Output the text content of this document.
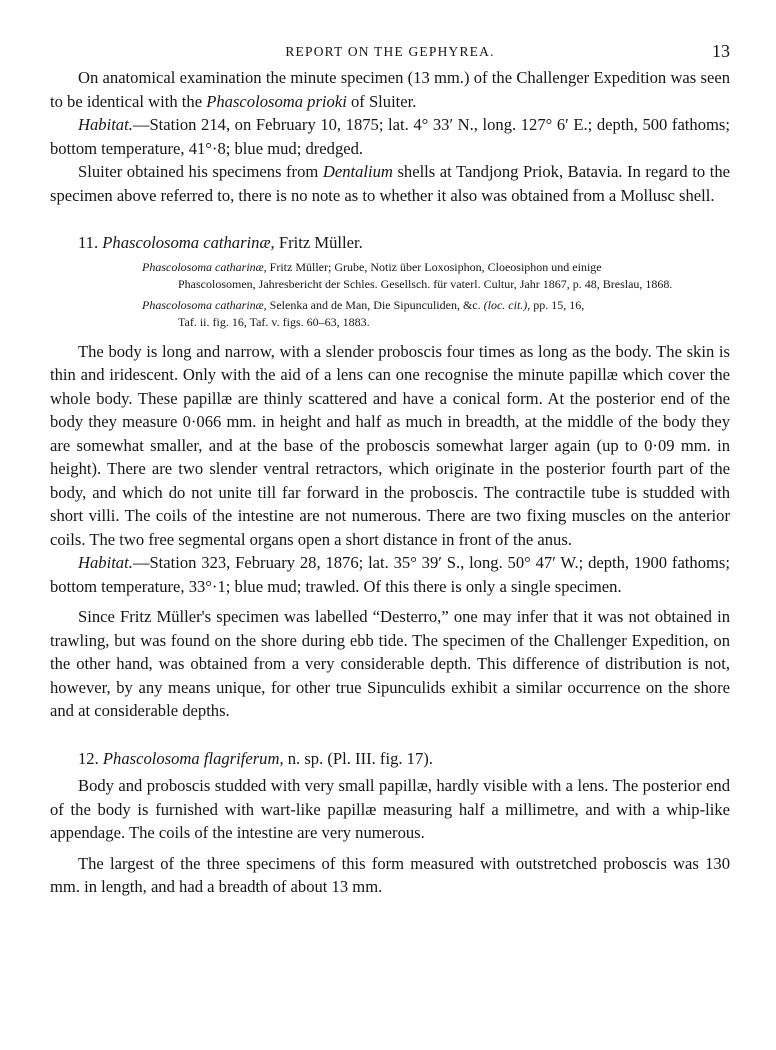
REPORT ON THE GEPHYREA.	13

On anatomical examination the minute specimen (13 mm.) of the Challenger Expedition was seen to be identical with the Phascolosoma prioki of Sluiter.

Habitat.—Station 214, on February 10, 1875; lat. 4° 33′ N., long. 127° 6′ E.; depth, 500 fathoms; bottom temperature, 41°·8; blue mud; dredged.

Sluiter obtained his specimens from Dentalium shells at Tandjong Priok, Batavia. In regard to the specimen above referred to, there is no note as to whether it also was obtained from a Mollusc shell.

11. Phascolosoma catharinæ, Fritz Müller.
Phascolosoma catharinæ, Fritz Müller; Grube, Notiz über Loxosiphon, Cloeosiphon und einige
Phascolosomen, Jahresbericht der Schles. Gesellsch. für vaterl. Cultur, Jahr 1867, p. 48, Breslau, 1868.
Phascolosoma catharinæ, Selenka and de Man, Die Sipunculiden, &c. (loc. cit.), pp. 15, 16,
Taf. ii. fig. 16, Taf. v. figs. 60–63, 1883.

The body is long and narrow, with a slender proboscis four times as long as the body. The skin is thin and iridescent. Only with the aid of a lens can one recognise the minute papillæ which cover the whole body. These papillæ are thinly scattered and have a conical form. At the posterior end of the body they measure 0·066 mm. in height and half as much in breadth, at the middle of the body they are somewhat smaller, and at the base of the proboscis somewhat larger again (up to 0·09 mm. in height). There are two slender ventral retractors, which originate in the posterior fourth part of the body, and which do not unite till far forward in the proboscis. The contractile tube is studded with short villi. The coils of the intestine are not numerous. There are two fixing muscles on the anterior coils. The two free segmental organs open a short distance in front of the anus.

Habitat.—Station 323, February 28, 1876; lat. 35° 39′ S., long. 50° 47′ W.; depth, 1900 fathoms; bottom temperature, 33°·1; blue mud; trawled. Of this there is only a single specimen.

Since Fritz Müller's specimen was labelled “Desterro,” one may infer that it was not obtained in trawling, but was found on the shore during ebb tide. The specimen of the Challenger Expedition, on the other hand, was obtained from a very considerable depth. This difference of distribution is not, however, by any means unique, for other true Sipunculids exhibit a similar occurrence on the shore and at considerable depths.

12. Phascolosoma flagriferum, n. sp. (Pl. III. fig. 17).

Body and proboscis studded with very small papillæ, hardly visible with a lens. The posterior end of the body is furnished with wart-like papillæ measuring half a millimetre, and with a whip-like appendage. The coils of the intestine are very numerous.

The largest of the three specimens of this form measured with outstretched proboscis was 130 mm. in length, and had a breadth of about 13 mm.
